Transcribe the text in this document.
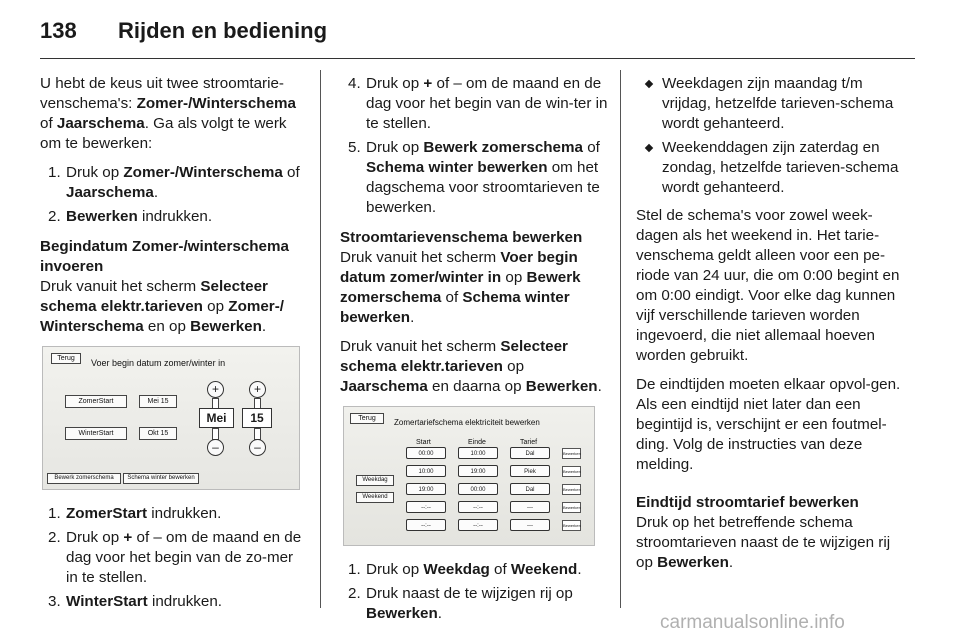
138 Rijden en bediening

U hebt de keus uit twee stroomtarie-venschema's: Zomer-/Winterschema of Jaarschema. Ga als volgt te werk om te bewerken:

1. Druk op Zomer-/Winterschema of Jaarschema.
2. Bewerken indrukken.

Begindatum Zomer-/winterschema invoeren

Druk vanuit het scherm Selecteer schema elektr.tarieven op Zomer-/ Winterschema en op Bewerken.

Terug	Voer begin datum zomer/winter in
ZomerStart	Mei 15
WinterStart	Okt 15
+
Mei
–
+
15
–
Bewerk zomerschema	Schema winter bewerken
1. ZomerStart indrukken.
2. Druk op + of – om de maand en de dag voor het begin van de zo-mer in te stellen.
3. WinterStart indrukken.
4. Druk op + of – om de maand en de dag voor het begin van de win-ter in te stellen.
5. Druk op Bewerk zomerschema of Schema winter bewerken om het dagschema voor stroomtarieven te bewerken.

Stroomtarievenschema bewerken

Druk vanuit het scherm Voer begin datum zomer/winter in op Bewerk zomerschema of Schema winter bewerken.

Druk vanuit het scherm Selecteer schema elektr.tarieven op Jaarschema en daarna op Bewerken.

Terug	Zomertariefschema elektriciteit bewerken
Start	Einde	Tarief
Weekdag
Weekend
00:00	10:00	Dal	Bewerken
10:00	19:00	Piek	Bewerken
19:00	00:00	Dal	Bewerken
--:--	--:--	---	Bewerken
--:--	--:--	---	Bewerken
1. Druk op Weekdag of Weekend.
2. Druk naast de te wijzigen rij op Bewerken.
Weekdagen zijn maandag t/m vrijdag, hetzelfde tarieven-schema wordt gehanteerd.
Weekenddagen zijn zaterdag en zondag, hetzelfde tarieven-schema wordt gehanteerd.

Stel de schema's voor zowel week-dagen als het weekend in. Het tarie-venschema geldt alleen voor een pe-riode van 24 uur, die om 0:00 begint en om 0:00 eindigt. Voor elke dag kunnen vijf verschillende tarieven worden ingevoerd, die niet allemaal hoeven worden gebruikt.

De eindtijden moeten elkaar opvol-gen. Als een eindtijd niet later dan een begintijd is, verschijnt er een foutmel-ding. Volg de instructies van deze melding.

Eindtijd stroomtarief bewerken

Druk op het betreffende schema stroomtarieven naast de te wijzigen rij op Bewerken.

carmanualsonline.info
